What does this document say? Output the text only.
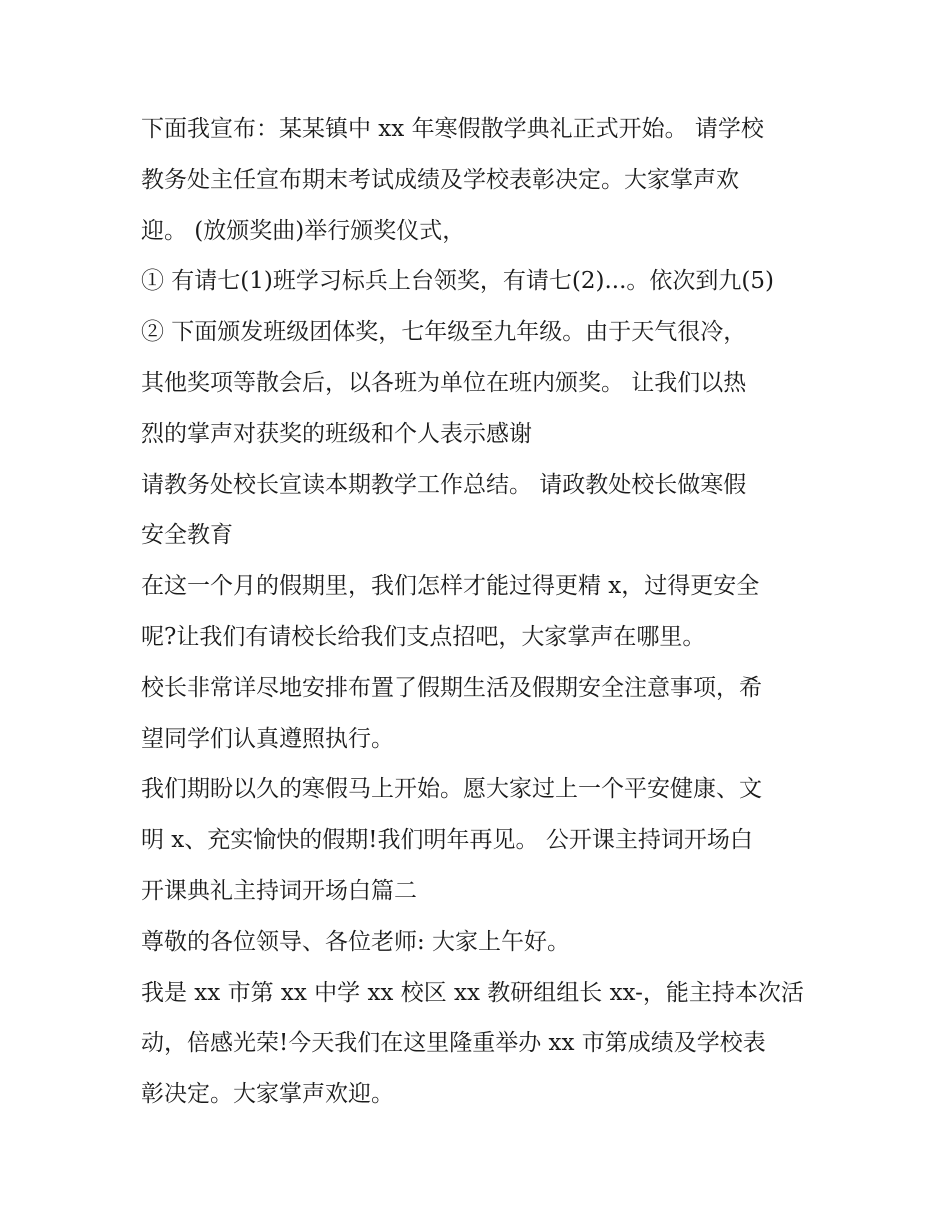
下面我宣布：某某镇中 xx 年寒假散学典礼正式开始。 请学校
教务处主任宣布期末考试成绩及学校表彰决定。大家掌声欢
迎。 (放颁奖曲)举行颁奖仪式，
① 有请七(1)班学习标兵上台领奖，有请七(2)...。依次到九(5)
② 下面颁发班级团体奖，七年级至九年级。由于天气很冷，
其他奖项等散会后，以各班为单位在班内颁奖。 让我们以热
烈的掌声对获奖的班级和个人表示感谢
请教务处校长宣读本期教学工作总结。 请政教处校长做寒假
安全教育
在这一个月的假期里，我们怎样才能过得更精 x，过得更安全
呢?让我们有请校长给我们支点招吧，大家掌声在哪里。
校长非常详尽地安排布置了假期生活及假期安全注意事项，希
望同学们认真遵照执行。
我们期盼以久的寒假马上开始。愿大家过上一个平安健康、文
明 x、充实愉快的假期!我们明年再见。 公开课主持词开场白
开课典礼主持词开场白篇二
尊敬的各位领导、各位老师: 大家上午好。
我是 xx 市第 xx 中学 xx 校区 xx 教研组组长 xx-，能主持本次活
动，倍感光荣!今天我们在这里隆重举办 xx 市第成绩及学校表
彰决定。大家掌声欢迎。
